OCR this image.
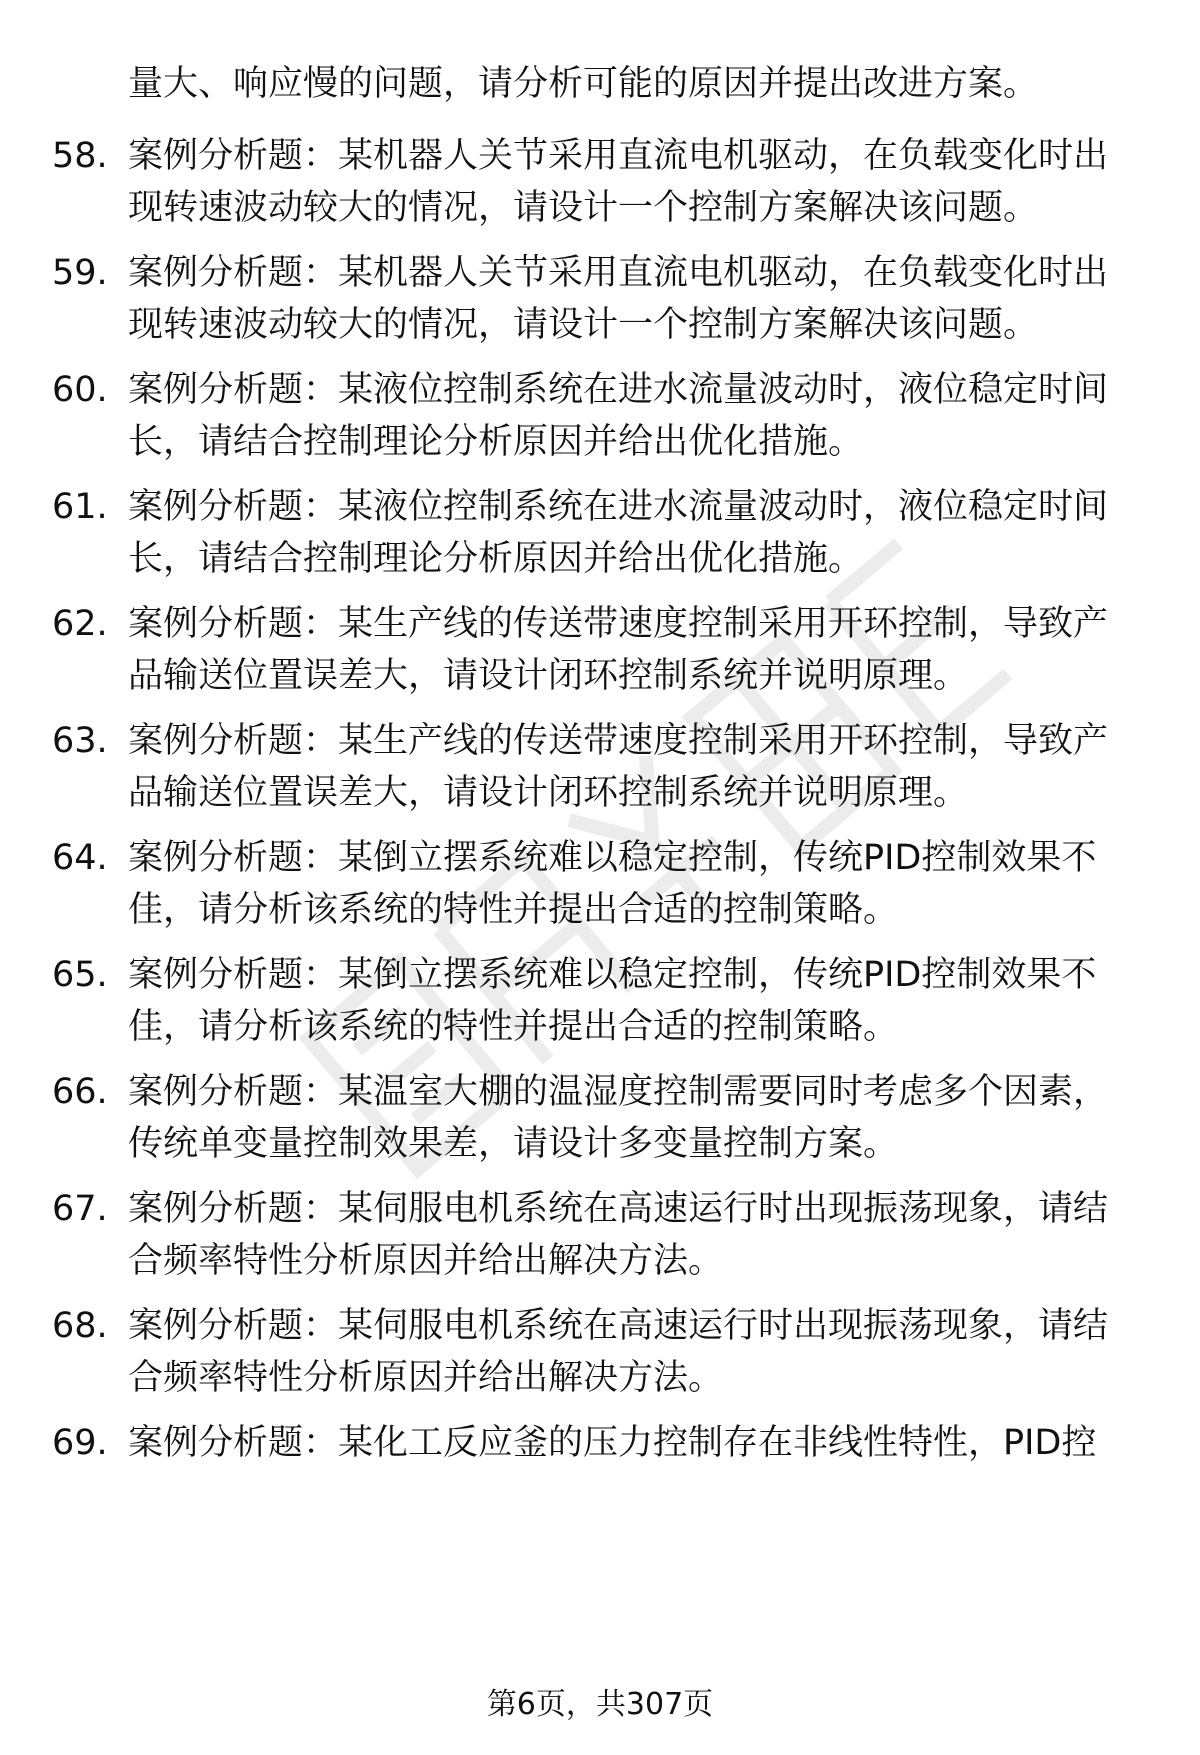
量大、响应慢的问题，请分析可能的原因并提出改进方案。
58. 案例分析题：某机器人关节采用直流电机驱动，在负载变化时出
现转速波动较大的情况，请设计一个控制方案解决该问题。
59. 案例分析题：某机器人关节采用直流电机驱动，在负载变化时出
现转速波动较大的情况，请设计一个控制方案解决该问题。
60. 案例分析题：某液位控制系统在进水流量波动时，液位稳定时间
长，请结合控制理论分析原因并给出优化措施。
61. 案例分析题：某液位控制系统在进水流量波动时，液位稳定时间
长，请结合控制理论分析原因并给出优化措施。
62. 案例分析题：某生产线的传送带速度控制采用开环控制，导致产
品输送位置误差大，请设计闭环控制系统并说明原理。
63. 案例分析题：某生产线的传送带速度控制采用开环控制，导致产
品输送位置误差大，请设计闭环控制系统并说明原理。
64. 案例分析题：某倒立摆系统难以稳定控制，传统PID控制效果不
佳，请分析该系统的特性并提出合适的控制策略。
65. 案例分析题：某倒立摆系统难以稳定控制，传统PID控制效果不
佳，请分析该系统的特性并提出合适的控制策略。
66. 案例分析题：某温室大棚的温湿度控制需要同时考虑多个因素，
传统单变量控制效果差，请设计多变量控制方案。
67. 案例分析题：某伺服电机系统在高速运行时出现振荡现象，请结
合频率特性分析原因并给出解决方法。
68. 案例分析题：某伺服电机系统在高速运行时出现振荡现象，请结
合频率特性分析原因并给出解决方法。
69. 案例分析题：某化工反应釜的压力控制存在非线性特性，PID控
第6页，共307页
